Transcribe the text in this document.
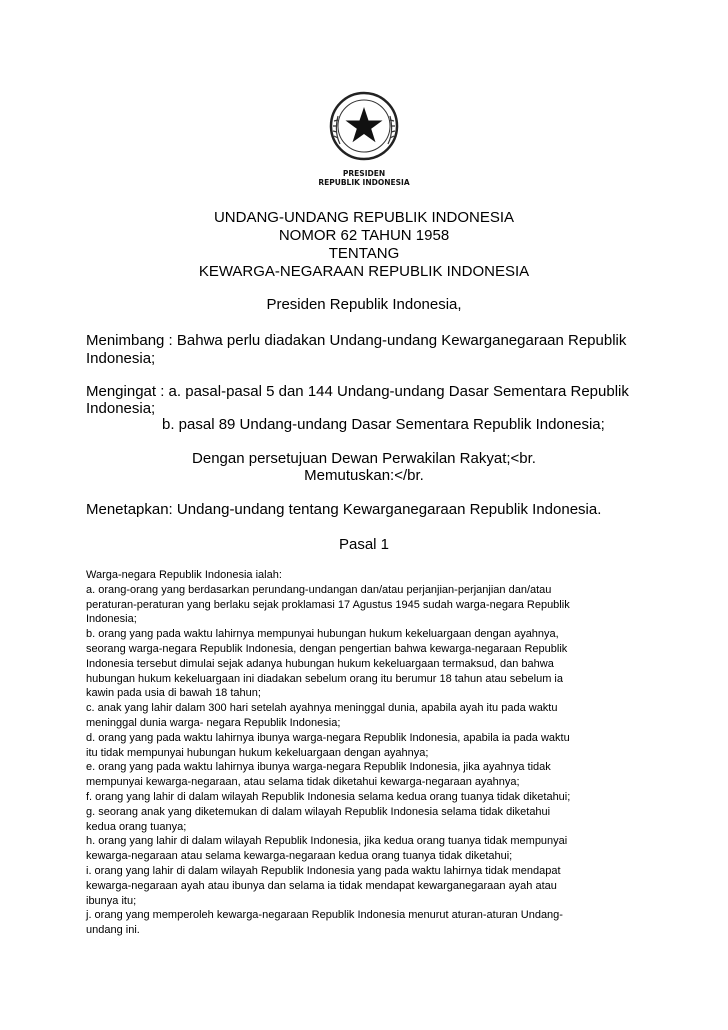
PRESIDEN
REPUBLIK INDONESIA
UNDANG-UNDANG REPUBLIK INDONESIA
NOMOR 62 TAHUN 1958
TENTANG
KEWARGA-NEGARAAN REPUBLIK INDONESIA
Presiden Republik Indonesia,
Menimbang : Bahwa perlu diadakan Undang-undang Kewarganegaraan Republik
Indonesia;
Mengingat : a. pasal-pasal 5 dan 144 Undang-undang Dasar Sementara Republik
Indonesia;
b. pasal 89 Undang-undang Dasar Sementara Republik Indonesia;
Dengan persetujuan Dewan Perwakilan Rakyat;<br.
Memutuskan:</br.
Menetapkan: Undang-undang tentang Kewarganegaraan Republik Indonesia.
Pasal 1
Warga-negara Republik Indonesia ialah:
a. orang-orang yang berdasarkan perundang-undangan dan/atau perjanjian-perjanjian dan/atau
peraturan-peraturan yang berlaku sejak proklamasi 17 Agustus 1945 sudah warga-negara Republik
Indonesia;
b. orang yang pada waktu lahirnya mempunyai hubungan hukum kekeluargaan dengan ayahnya,
seorang warga-negara Republik Indonesia, dengan pengertian bahwa kewarga-negaraan Republik
Indonesia tersebut dimulai sejak adanya hubungan hukum kekeluargaan termaksud, dan bahwa
hubungan hukum kekeluargaan ini diadakan sebelum orang itu berumur 18 tahun atau sebelum ia
kawin pada usia di bawah 18 tahun;
c. anak yang lahir dalam 300 hari setelah ayahnya meninggal dunia, apabila ayah itu pada waktu
meninggal dunia warga- negara Republik Indonesia;
d. orang yang pada waktu lahirnya ibunya warga-negara Republik Indonesia, apabila ia pada waktu
itu tidak mempunyai hubungan hukum kekeluargaan dengan ayahnya;
e. orang yang pada waktu lahirnya ibunya warga-negara Republik Indonesia, jika ayahnya tidak
mempunyai kewarga-negaraan, atau selama tidak diketahui kewarga-negaraan ayahnya;
f. orang yang lahir di dalam wilayah Republik Indonesia selama kedua orang tuanya tidak diketahui;
g. seorang anak yang diketemukan di dalam wilayah Republik Indonesia selama tidak diketahui
kedua orang tuanya;
h. orang yang lahir di dalam wilayah Republik Indonesia, jika kedua orang tuanya tidak mempunyai
kewarga-negaraan atau selama kewarga-negaraan kedua orang tuanya tidak diketahui;
i. orang yang lahir di dalam wilayah Republik Indonesia yang pada waktu lahirnya tidak mendapat
kewarga-negaraan ayah atau ibunya dan selama ia tidak mendapat kewarganegaraan ayah atau
ibunya itu;
j. orang yang memperoleh kewarga-negaraan Republik Indonesia menurut aturan-aturan Undang-
undang ini.
